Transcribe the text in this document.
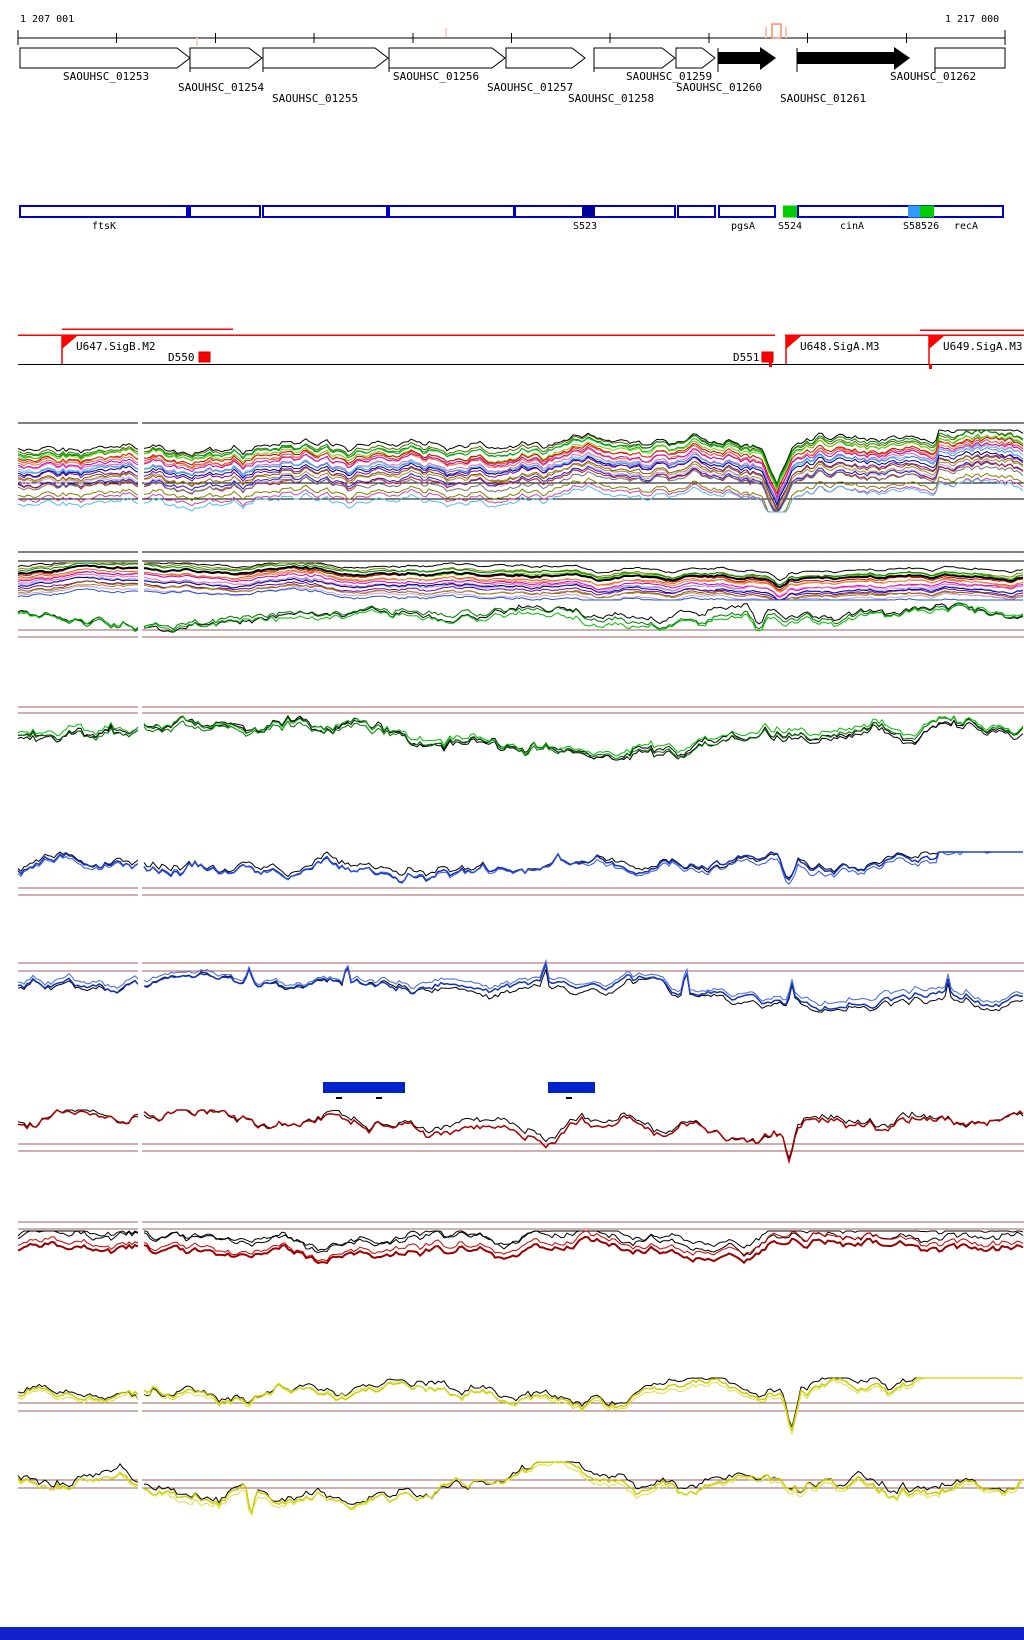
1 207 001	1 217 000
SAOUHSC_01253
SAOUHSC_01254
SAOUHSC_01255
SAOUHSC_01256
SAOUHSC_01257
SAOUHSC_01258
SAOUHSC_01259
SAOUHSC_01260
SAOUHSC_01261
SAOUHSC_01262
ftsK	S523	pgsA S524	cinA	S58526 recA
U647.SigB.M2	U648.SigA.M3	U649.SigA.M3
D550	D551
